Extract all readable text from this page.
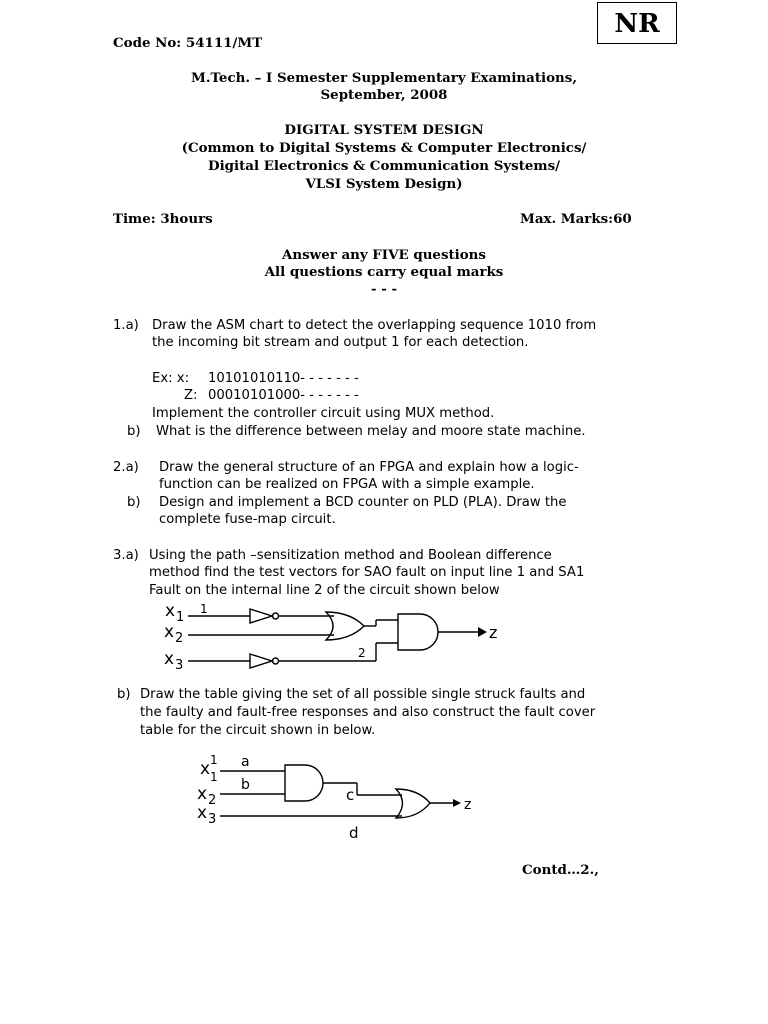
NR
Code No: 54111/MT
M.Tech. – I Semester Supplementary Examinations,
September, 2008
DIGITAL SYSTEM DESIGN
(Common to Digital Systems & Computer Electronics/
Digital Electronics & Communication Systems/
VLSI System Design)
Time: 3hours	Max. Marks:60
Answer any FIVE questions
All questions carry equal marks
- - -
1.a) Draw the ASM chart to detect the overlapping sequence 1010 from
the incoming bit stream and output 1 for each detection.
Ex: x: 10101010110- - - - - - -
Z: 00010101000- - - - - - -
Implement the controller circuit using MUX method.
b) What is the difference between melay and moore state machine.
2.a) Draw the general structure of an FPGA and explain how a logic-
function can be realized on FPGA with a simple example.
b) Design and implement a BCD counter on PLD (PLA). Draw the
complete fuse-map circuit.
3.a) Using the path –sensitization method and Boolean difference
method find the test vectors for SAO fault on input line 1 and SA1
Fault on the internal line 2 of the circuit shown below
x 1
x 2
x 3
1
2
z
b) Draw the table giving the set of all possible single struck faults and
the faulty and fault-free responses and also construct the fault cover
table for the circuit shown in below.
x 1
1
x 2
x 3
a
b
c
d
z
Contd…2.,
